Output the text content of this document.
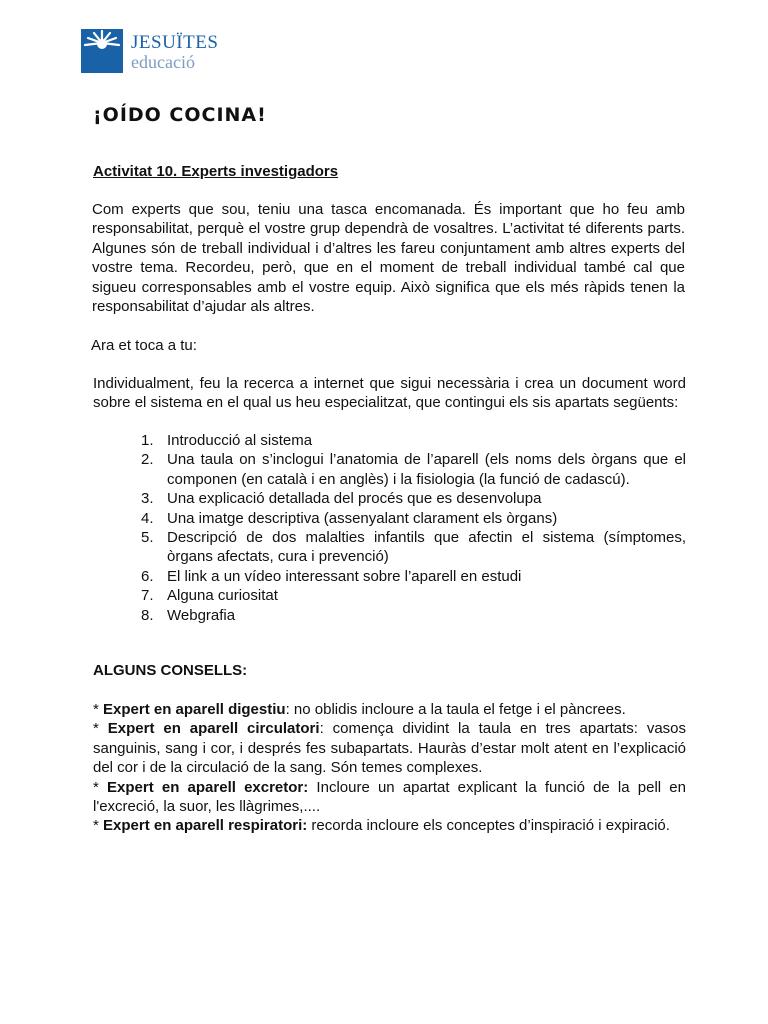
JESUÏTES
educació
¡OÍDO COCINA!

Activitat 10. Experts investigadors

Com experts que sou, teniu una tasca encomanada. És important que ho feu amb responsabilitat, perquè el vostre grup dependrà de vosaltres. L’activitat té diferents parts. Algunes són de treball individual i d’altres les fareu conjuntament amb altres experts del vostre tema. Recordeu, però, que en el moment de treball individual també cal que sigueu corresponsables amb el vostre equip. Això significa que els més ràpids tenen la responsabilitat d’ajudar als altres.

Ara et toca a tu:

Individualment, feu la recerca a internet que sigui necessària i crea un document word sobre el sistema en el qual us heu especialitzat, que contingui els sis apartats següents:

1. Introducció al sistema
2. Una taula on s’inclogui l’anatomia de l’aparell (els noms dels òrgans que el componen (en català i en anglès) i la fisiologia (la funció de cadascú).
3. Una explicació detallada del procés que es desenvolupa
4. Una imatge descriptiva (assenyalant clarament els òrgans)
5. Descripció de dos malalties infantils que afectin el sistema (símptomes, òrgans afectats, cura i prevenció)
6. El link a un vídeo interessant sobre l’aparell en estudi
7. Alguna curiositat
8. Webgrafia

ALGUNS CONSELLS:

* Expert en aparell digestiu: no oblidis incloure a la taula el fetge i el pàncrees.

* Expert en aparell circulatori: comença dividint la taula en tres apartats: vasos sanguinis, sang i cor, i després fes subapartats. Hauràs d’estar molt atent en l’explicació del cor i de la circulació de la sang. Són temes complexes.

* Expert en aparell excretor: Incloure un apartat explicant la funció de la pell en l'excreció, la suor, les llàgrimes,....

* Expert en aparell respiratori: recorda incloure els conceptes d’inspiració i expiració.
